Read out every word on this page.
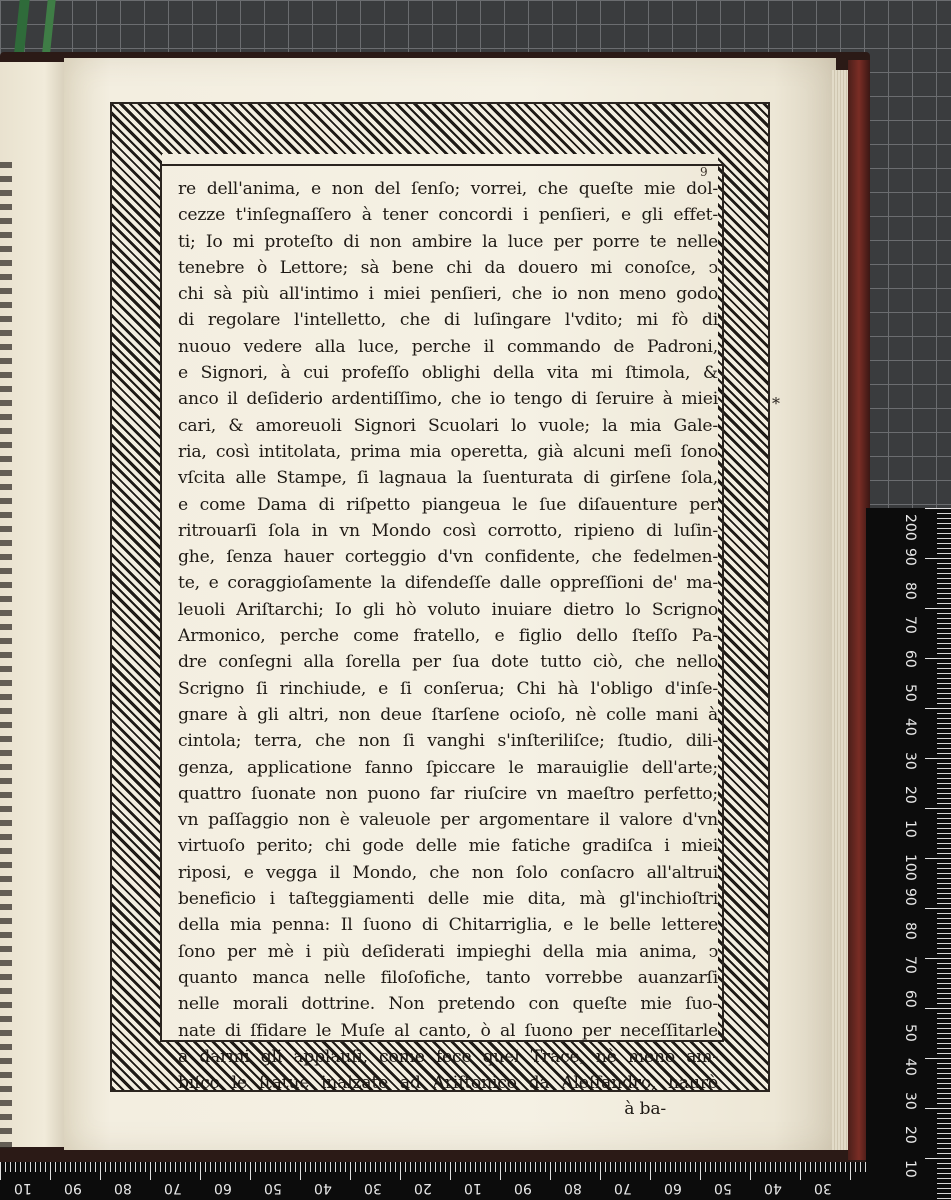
9
*
re dell'anima, e non del ſenſo; vorrei, che queſte mie dol-
cezze t'inſegnaſſero à tener concordi i penſieri, e gli effet-
ti; Io mi proteſto di non ambire la luce per porre te nelle
tenebre ò Lettore; sà bene chi da douero mi conoſce, ↄ
chi sà più all'intimo i miei penſieri, che io non meno godo
di regolare l'intelletto, che di luſingare l'vdito; mi fò di
nuouo vedere alla luce, perche il commando de Padroni,
e Signori, à cui profeſſo oblighi della vita mi ſtimola, &
anco il deſiderio ardentiſſimo, che io tengo di ſeruire à miei
cari, & amoreuoli Signori Scuolari lo vuole; la mia Gale-
ria, così intitolata, prima mia operetta, già alcuni meſi ſono
vſcita alle Stampe, ſi lagnaua la ſuenturata di girſene ſola,
e come Dama di riſpetto piangeua le ſue diſauenture per
ritrouarſi ſola in vn Mondo così corrotto, ripieno di luſin-
ghe, ſenza hauer corteggio d'vn confidente, che fedelmen-
te, e coraggioſamente la difendeſſe dalle oppreſſioni de' ma-
leuoli Ariſtarchi; Io gli hò voluto inuiare dietro lo Scrigno
Armonico, perche come fratello, e figlio dello ſteſſo Pa-
dre conſegni alla ſorella per ſua dote tutto ciò, che nello
Scrigno ſi rinchiude, e ſi conſerua; Chi hà l'obligo d'inſe-
gnare à gli altri, non deue ſtarſene ocioſo, nè colle mani à
cintola; terra, che non ſi vanghi s'inſteriliſce; ſtudio, dili-
genza, applicatione fanno ſpiccare le marauiglie dell'arte;
quattro ſuonate non puono far riuſcire vn maeſtro perfetto;
vn paſſaggio non è valeuole per argomentare il valore d'vn
virtuoſo perito; chi gode delle mie fatiche gradiſca i miei
riposi, e vegga il Mondo, che non ſolo conſacro all'altrui
beneficio i taſteggiamenti delle mie dita, mà gl'inchioſtri
della mia penna: Il ſuono di Chitarriglia, e le belle lettere
ſono per mè i più deſiderati impieghi della mia anima, ↄ
quanto manca nelle filoſofiche, tanto vorrebbe auanzarſi
nelle morali dottrine. Non pretendo con queſte mie ſuo-
nate di ſfidare le Muſe al canto, ò al ſuono per neceſſitarle
à darmi gli applauſi, come fece quel Trace, nè meno am-
biſco le ſtatue inalzate ad Ariſtonico da Aleſſandro, haurò
à ba-
200
90
80
70
60
50
40
30
20
10
100
90
80
70
60
50
40
30
20
10
10 90 80 70 60 50 40 30 20 10 90 80 70 60 50 40 30
